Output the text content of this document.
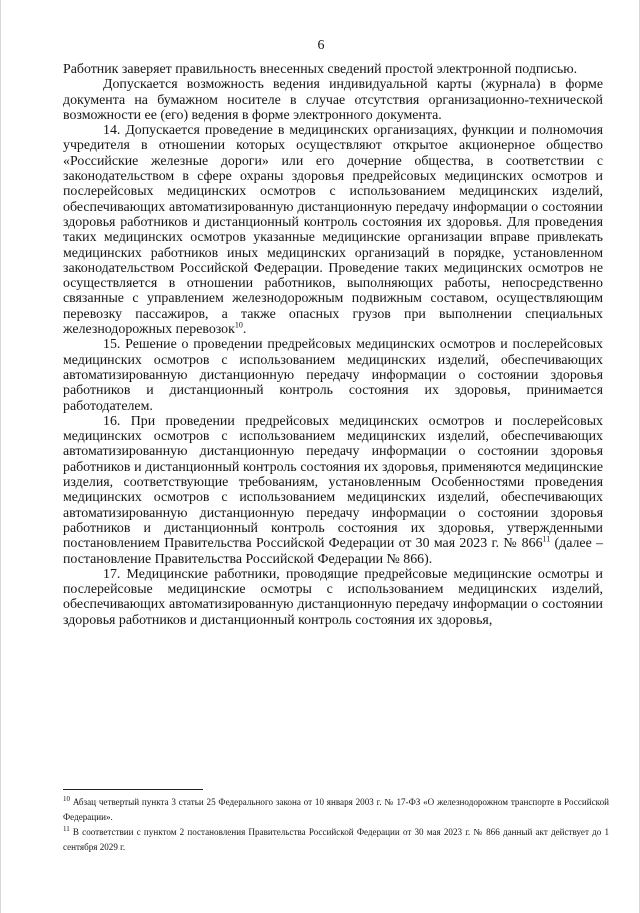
6

Работник заверяет правильность внесенных сведений простой электронной подписью.

Допускается возможность ведения индивидуальной карты (журнала) в форме документа на бумажном носителе в случае отсутствия организационно-технической возможности ее (его) ведения в форме электронного документа.

14. Допускается проведение в медицинских организациях, функции и полномочия учредителя в отношении которых осуществляют открытое акционерное общество «Российские железные дороги» или его дочерние общества, в соответствии с законодательством в сфере охраны здоровья предрейсовых медицинских осмотров и послерейсовых медицинских осмотров с использованием медицинских изделий, обеспечивающих автоматизированную дистанционную передачу информации о состоянии здоровья работников и дистанционный контроль состояния их здоровья. Для проведения таких медицинских осмотров указанные медицинские организации вправе привлекать медицинских работников иных медицинских организаций в порядке, установленном законодательством Российской Федерации. Проведение таких медицинских осмотров не осуществляется в отношении работников, выполняющих работы, непосредственно связанные с управлением железнодорожным подвижным составом, осуществляющим перевозку пассажиров, а также опасных грузов при выполнении специальных железнодорожных перевозок$^{10}$.

15. Решение о проведении предрейсовых медицинских осмотров и послерейсовых медицинских осмотров с использованием медицинских изделий, обеспечивающих автоматизированную дистанционную передачу информации о состоянии здоровья работников и дистанционный контроль состояния их здоровья, принимается работодателем.

16. При проведении предрейсовых медицинских осмотров и послерейсовых медицинских осмотров с использованием медицинских изделий, обеспечивающих автоматизированную дистанционную передачу информации о состоянии здоровья работников и дистанционный контроль состояния их здоровья, применяются медицинские изделия, соответствующие требованиям, установленным Особенностями проведения медицинских осмотров с использованием медицинских изделий, обеспечивающих автоматизированную дистанционную передачу информации о состоянии здоровья работников и дистанционный контроль состояния их здоровья, утвержденными постановлением Правительства Российской Федерации от 30 мая 2023 г. № $866^{11}$ (далее – постановление Правительства Российской Федерации № 866).

17. Медицинские работники, проводящие предрейсовые медицинские осмотры и послерейсовые медицинские осмотры с использованием медицинских изделий, обеспечивающих автоматизированную дистанционную передачу информации о состоянии здоровья работников и дистанционный контроль состояния их здоровья,

$^{10}$ Абзац четвертый пункта 3 статьи 25 Федерального закона от 10 января 2003 г. № 17-ФЗ «О железнодорожном транспорте в Российской Федерации».

$^{11}$ В соответствии с пунктом 2 постановления Правительства Российской Федерации от 30 мая 2023 г. № 866 данный акт действует до 1 сентября 2029 г.
